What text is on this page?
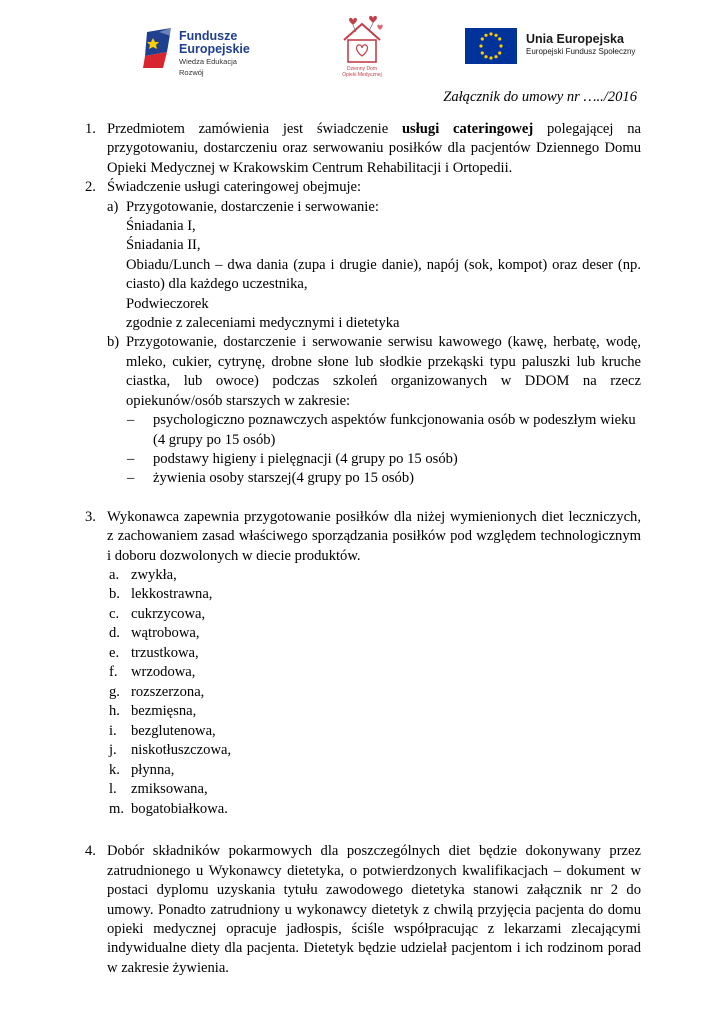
Fundusze
Europejskie
Wiedza Edukacja Rozwój	Dzienny Dom
Opieki Medycznej
Unia Europejska
Europejski Fundusz Społeczny
Załącznik do umowy nr …../2016
1. Przedmiotem zamówienia jest świadczenie usługi cateringowej polegającej na przygotowaniu, dostarczeniu oraz serwowaniu posiłków dla pacjentów Dziennego Domu Opieki Medycznej w Krakowskim Centrum Rehabilitacji i Ortopedii.

2. Świadczenie usługi cateringowej obejmuje:

a) Przygotowanie, dostarczenie i serwowanie:
Śniadania I,
Śniadania II,
Obiadu/Lunch – dwa dania (zupa i drugie danie), napój (sok, kompot) oraz deser (np. ciasto) dla każdego uczestnika,
Podwieczorek
zgodnie z zaleceniami medycznymi i dietetyka
b) Przygotowanie, dostarczenie i serwowanie serwisu kawowego (kawę, herbatę, wodę, mleko, cukier, cytrynę, drobne słone lub słodkie przekąski typu paluszki lub kruche ciastka, lub owoce) podczas szkoleń organizowanych w DDOM na rzecz opiekunów/osób starszych w zakresie:
– psychologiczno poznawczych aspektów funkcjonowania osób w podeszłym wieku (4 grupy po 15 osób)
– podstawy higieny i pielęgnacji (4 grupy po 15 osób)
– żywienia osoby starszej(4 grupy po 15 osób)
3. Wykonawca zapewnia przygotowanie posiłków dla niżej wymienionych diet leczniczych, z zachowaniem zasad właściwego sporządzania posiłków pod względem technologicznym i doboru dozwolonych w diecie produktów.

a. zwykła,
b. lekkostrawna,
c. cukrzycowa,
d. wątrobowa,
e. trzustkowa,
f. wrzodowa,
g. rozszerzona,
h. bezmięsna,
i. bezglutenowa,
j. niskotłuszczowa,
k. płynna,
l. zmiksowana,
m. bogatobiałkowa.
4. Dobór składników pokarmowych dla poszczególnych diet będzie dokonywany przez zatrudnionego u Wykonawcy dietetyka, o potwierdzonych kwalifikacjach – dokument w postaci dyplomu uzyskania tytułu zawodowego dietetyka stanowi załącznik nr 2 do umowy. Ponadto zatrudniony u wykonawcy dietetyk z chwilą przyjęcia pacjenta do domu opieki medycznej opracuje jadłospis, ściśle współpracując z lekarzami zlecającymi indywidualne diety dla pacjenta. Dietetyk będzie udzielał pacjentom i ich rodzinom porad w zakresie żywienia.
